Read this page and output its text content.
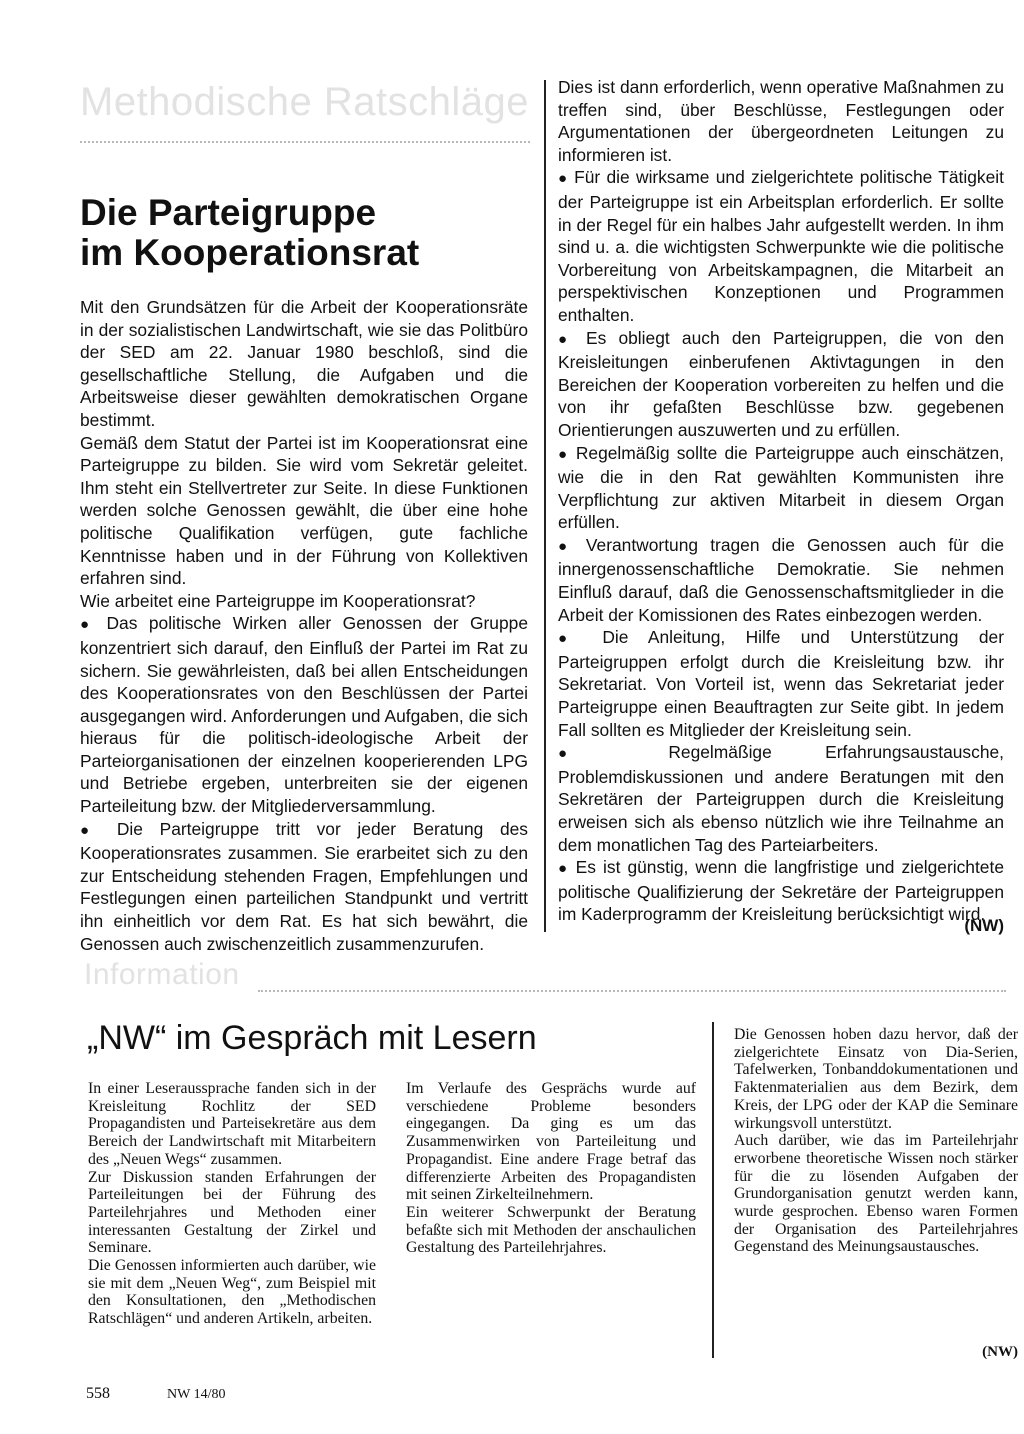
Methodische Ratschläge
Die Parteigruppe
im Kooperationsrat

Mit den Grundsätzen für die Arbeit der Kooperationsräte in der sozialistischen Landwirtschaft, wie sie das Politbüro der SED am 22. Januar 1980 beschloß, sind die gesellschaftliche Stellung, die Aufgaben und die Arbeitsweise dieser gewählten demokratischen Organe bestimmt.

Gemäß dem Statut der Partei ist im Kooperationsrat eine Parteigruppe zu bilden. Sie wird vom Sekretär geleitet. Ihm steht ein Stellvertreter zur Seite. In diese Funktionen werden solche Genossen gewählt, die über eine hohe politische Qualifikation verfügen, gute fachliche Kenntnisse haben und in der Führung von Kollektiven erfahren sind.

Wie arbeitet eine Parteigruppe im Kooperationsrat?

● Das politische Wirken aller Genossen der Gruppe konzentriert sich darauf, den Einfluß der Partei im Rat zu sichern. Sie gewährleisten, daß bei allen Entscheidungen des Kooperationsrates von den Beschlüssen der Partei ausgegangen wird. Anforderungen und Aufgaben, die sich hieraus für die politisch-ideologische Arbeit der Parteiorganisationen der einzelnen kooperierenden LPG und Betriebe ergeben, unterbreiten sie der eigenen Parteileitung bzw. der Mitgliederversammlung.

● Die Parteigruppe tritt vor jeder Beratung des Kooperationsrates zusammen. Sie erarbeitet sich zu den zur Entscheidung stehenden Fragen, Empfehlungen und Festlegungen einen parteilichen Standpunkt und vertritt ihn einheitlich vor dem Rat. Es hat sich bewährt, die Genossen auch zwischenzeitlich zusammenzurufen.

Dies ist dann erforderlich, wenn operative Maßnahmen zu treffen sind, über Beschlüsse, Festlegungen oder Argumentationen der übergeordneten Leitungen zu informieren ist.

● Für die wirksame und zielgerichtete politische Tätigkeit der Parteigruppe ist ein Arbeitsplan erforderlich. Er sollte in der Regel für ein halbes Jahr aufgestellt werden. In ihm sind u. a. die wichtigsten Schwerpunkte wie die politische Vorbereitung von Arbeitskampagnen, die Mitarbeit an perspektivischen Konzeptionen und Programmen enthalten.

● Es obliegt auch den Parteigruppen, die von den Kreisleitungen einberufenen Aktivtagungen in den Bereichen der Kooperation vorbereiten zu helfen und die von ihr gefaßten Beschlüsse bzw. gegebenen Orientierungen auszuwerten und zu erfüllen.

● Regelmäßig sollte die Parteigruppe auch einschätzen, wie die in den Rat gewählten Kommunisten ihre Verpflichtung zur aktiven Mitarbeit in diesem Organ erfüllen.

● Verantwortung tragen die Genossen auch für die innergenossenschaftliche Demokratie. Sie nehmen Einfluß darauf, daß die Genossenschaftsmitglieder in die Arbeit der Komissionen des Rates einbezogen werden.

● Die Anleitung, Hilfe und Unterstützung der Parteigruppen erfolgt durch die Kreisleitung bzw. ihr Sekretariat. Von Vorteil ist, wenn das Sekretariat jeder Parteigruppe einen Beauftragten zur Seite gibt. In jedem Fall sollten es Mitglieder der Kreisleitung sein.

● Regelmäßige Erfahrungsaustausche, Problemdiskussionen und andere Beratungen mit den Sekretären der Parteigruppen durch die Kreisleitung erweisen sich als ebenso nützlich wie ihre Teilnahme an dem monatlichen Tag des Parteiarbeiters.

● Es ist günstig, wenn die langfristige und zielgerichtete politische Qualifizierung der Sekretäre der Parteigruppen im Kaderprogramm der Kreisleitung berücksichtigt wird.

(NW)
Information
„NW“ im Gespräch mit Lesern

In einer Leseraussprache fanden sich in der Kreisleitung Rochlitz der SED Propagandisten und Parteisekretäre aus dem Bereich der Landwirtschaft mit Mitarbeitern des „Neuen Wegs“ zusammen.

Zur Diskussion standen Erfahrungen der Parteileitungen bei der Führung des Parteilehrjahres und Methoden einer interessanten Gestaltung der Zirkel und Seminare.

Die Genossen informierten auch darüber, wie sie mit dem „Neuen Weg“, zum Beispiel mit den Konsultationen, den „Methodischen Ratschlägen“ und anderen Artikeln, arbeiten.

Im Verlaufe des Gesprächs wurde auf verschiedene Probleme besonders eingegangen. Da ging es um das Zusammenwirken von Parteileitung und Propagandist. Eine andere Frage betraf das differenzierte Arbeiten des Propagandisten mit seinen Zirkelteilnehmern.

Ein weiterer Schwerpunkt der Beratung befaßte sich mit Methoden der anschaulichen Gestaltung des Parteilehrjahres.

Die Genossen hoben dazu hervor, daß der zielgerichtete Einsatz von Dia-Serien, Tafelwerken, Tonbanddokumentationen und Faktenmaterialien aus dem Bezirk, dem Kreis, der LPG oder der KAP die Seminare wirkungsvoll unterstützt.

Auch darüber, wie das im Parteilehrjahr erworbene theoretische Wissen noch stärker für die zu lösenden Aufgaben der Grundorganisation genutzt werden kann, wurde gesprochen. Ebenso waren Formen der Organisation des Parteilehrjahres Gegenstand des Meinungsaustausches.

(NW)
558	NW 14/80
